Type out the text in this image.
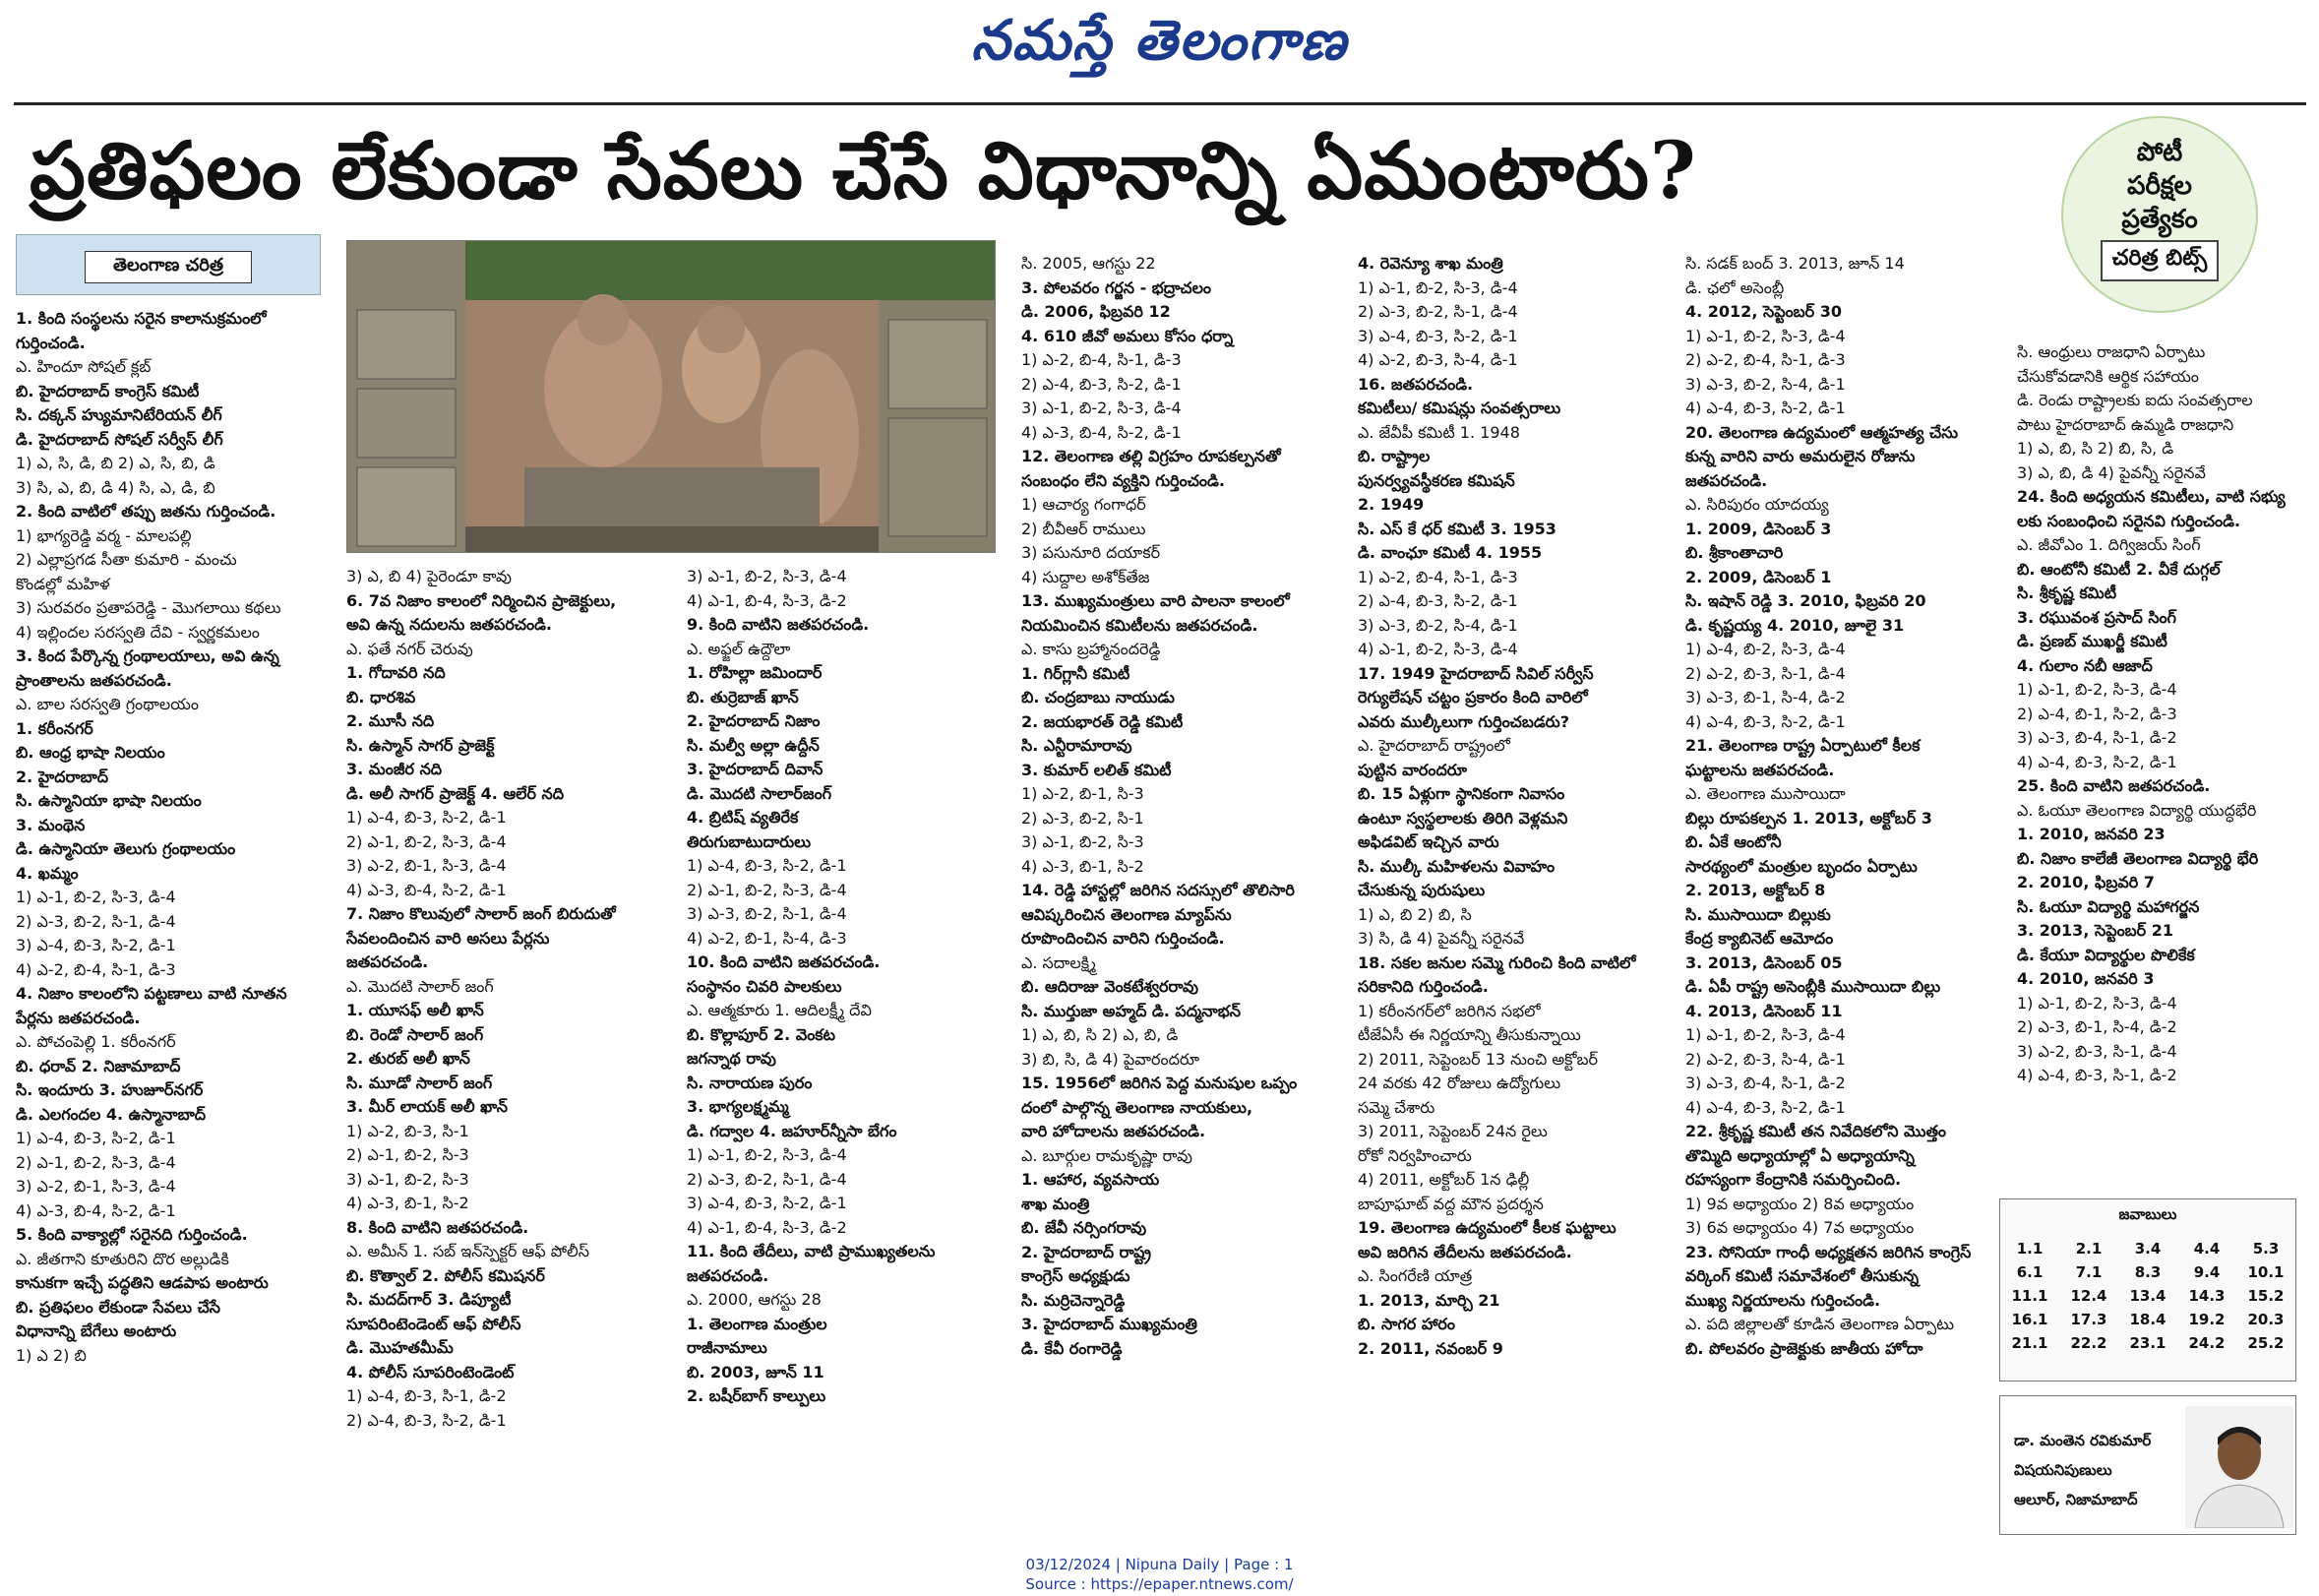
నమస్తే తెలంగాణ
ప్రతిఫలం లేకుండా సేవలు చేసే విధానాన్ని ఏమంటారు?	పోటీ
పరీక్షల
ప్రత్యేకం
చరిత్ర బిట్స్
తెలంగాణ చరిత్ర
1. కింది సంస్థలను సరైన కాలానుక్రమంలో
గుర్తించండి.
ఎ. హిందూ సోషల్ క్లబ్
బి. హైదరాబాద్ కాంగ్రెస్ కమిటీ
సి. దక్కన్ హ్యుమానిటేరియన్ లీగ్
డి. హైదరాబాద్ సోషల్ సర్వీస్ లీగ్
1) ఎ, సి, డి, బి 2) ఎ, సి, బి, డి
3) సి, ఎ, బి, డి 4) సి, ఎ, డి, బి
2. కింది వాటిలో తప్పు జతను గుర్తించండి.
1) భాగ్యరెడ్డి వర్మ - మాలపల్లి
2) ఎల్లాప్రగడ సీతా కుమారి - మంచు
కొండల్లో మహిళ
3) సురవరం ప్రతాపరెడ్డి - మొగలాయి కథలు
4) ఇల్లిందల సరస్వతి దేవి - స్వర్ణకమలం
3. కింద పేర్కొన్న గ్రంథాలయాలు, అవి ఉన్న
ప్రాంతాలను జతపరచండి.
ఎ. బాల సరస్వతి గ్రంథాలయం
1. కరీంనగర్
బి. ఆంధ్ర భాషా నిలయం
2. హైదరాబాద్
సి. ఉస్మానియా భాషా నిలయం
3. మంథెన
డి. ఉస్మానియా తెలుగు గ్రంథాలయం
4. ఖమ్మం
1) ఎ-1, బి-2, సి-3, డి-4
2) ఎ-3, బి-2, సి-1, డి-4
3) ఎ-4, బి-3, సి-2, డి-1
4) ఎ-2, బి-4, సి-1, డి-3
4. నిజాం కాలంలోని పట్టణాలు వాటి నూతన
పేర్లను జతపరచండి.
ఎ. పోచంపెల్లి 1. కరీంనగర్
బి. ధరావ్ 2. నిజామాబాద్
సి. ఇందూరు 3. హుజూర్‌నగర్
డి. ఎలగందల 4. ఉస్మానాబాద్
1) ఎ-4, బి-3, సి-2, డి-1
2) ఎ-1, బి-2, సి-3, డి-4
3) ఎ-2, బి-1, సి-3, డి-4
4) ఎ-3, బి-4, సి-2, డి-1
5. కింది వాక్యాల్లో సరైనది గుర్తించండి.
ఎ. జీతగాని కూతురిని దొర అల్లుడికి
కానుకగా ఇచ్చే పద్ధతిని ఆడపాప అంటారు
బి. ప్రతిఫలం లేకుండా సేవలు చేసే
విధానాన్ని బేగేలు అంటారు
1) ఎ 2) బి
3) ఎ, బి 4) పైరెండూ కావు
6. 7వ నిజాం కాలంలో నిర్మించిన ప్రాజెక్టులు,
అవి ఉన్న నదులను జతపరచండి.
ఎ. ఫతే నగర్ చెరువు
1. గోదావరి నది
బి. ధారశివ
2. మూసీ నది
సి. ఉస్మాన్ సాగర్ ప్రాజెక్ట్
3. మంజీర నది
డి. అలీ సాగర్ ప్రాజెక్ట్ 4. ఆలేర్ నది
1) ఎ-4, బి-3, సి-2, డి-1
2) ఎ-1, బి-2, సి-3, డి-4
3) ఎ-2, బి-1, సి-3, డి-4
4) ఎ-3, బి-4, సి-2, డి-1
7. నిజాం కొలువులో సాలార్ జంగ్ బిరుదుతో
సేవలందించిన వారి అసలు పేర్లను
జతపరచండి.
ఎ. మొదటి సాలార్ జంగ్
1. యూసఫ్ అలీ ఖాన్
బి. రెండో సాలార్ జంగ్
2. తురబ్ అలీ ఖాన్
సి. మూడో సాలార్ జంగ్
3. మీర్ లాయక్ అలీ ఖాన్
1) ఎ-2, బి-3, సి-1
2) ఎ-1, బి-2, సి-3
3) ఎ-1, బి-2, సి-3
4) ఎ-3, బి-1, సి-2
8. కింది వాటిని జతపరచండి.
ఎ. అమీన్ 1. సబ్ ఇన్‌స్పెక్టర్ ఆఫ్ పోలీస్
బి. కొత్వాల్ 2. పోలీస్ కమిషనర్
సి. మదద్‌గార్ 3. డిప్యూటీ
సూపరింటెండెంట్ ఆఫ్ పోలీస్
డి. మొహతమీమ్
4. పోలీస్ సూపరింటెండెంట్
1) ఎ-4, బి-3, సి-1, డి-2
2) ఎ-4, బి-3, సి-2, డి-1
3) ఎ-1, బి-2, సి-3, డి-4
4) ఎ-1, బి-4, సి-3, డి-2
9. కింది వాటిని జతపరచండి.
ఎ. అఫ్జల్ ఉద్దౌలా
1. రోహిల్లా జమిందార్
బి. తుర్రెబాజ్ ఖాన్
2. హైదరాబాద్ నిజాం
సి. మల్వీ అల్లా ఉద్దీన్
3. హైదరాబాద్ దివాన్
డి. మొదటి సాలార్‌జంగ్
4. బ్రిటిష్ వ్యతిరేక
తిరుగుబాటుదారులు
1) ఎ-4, బి-3, సి-2, డి-1
2) ఎ-1, బి-2, సి-3, డి-4
3) ఎ-3, బి-2, సి-1, డి-4
4) ఎ-2, బి-1, సి-4, డి-3
10. కింది వాటిని జతపరచండి.
సంస్థానం చివరి పాలకులు
ఎ. ఆత్మకూరు 1. ఆదిలక్ష్మీ దేవి
బి. కొల్లాపూర్ 2. వెంకట
జగన్నాథ రావు
సి. నారాయణ పురం
3. భాగ్యలక్ష్మమ్మ
డి. గద్వాల 4. జహూర్‌న్నీసా బేగం
1) ఎ-1, బి-2, సి-3, డి-4
2) ఎ-3, బి-2, సి-1, డి-4
3) ఎ-4, బి-3, సి-2, డి-1
4) ఎ-1, బి-4, సి-3, డి-2
11. కింది తేదీలు, వాటి ప్రాముఖ్యతలను
జతపరచండి.
ఎ. 2000, ఆగస్టు 28
1. తెలంగాణ మంత్రుల
రాజీనామాలు
బి. 2003, జూన్ 11
2. బషీర్‌బాగ్ కాల్పులు
సి. 2005, ఆగస్టు 22
3. పోలవరం గర్జన - భద్రాచలం
డి. 2006, ఫిబ్రవరి 12
4. 610 జీవో అమలు కోసం ధర్నా
1) ఎ-2, బి-4, సి-1, డి-3
2) ఎ-4, బి-3, సి-2, డి-1
3) ఎ-1, బి-2, సి-3, డి-4
4) ఎ-3, బి-4, సి-2, డి-1
12. తెలంగాణ తల్లి విగ్రహం రూపకల్పనతో
సంబంధం లేని వ్యక్తిని గుర్తించండి.
1) ఆచార్య గంగాధర్
2) బీవీఆర్ రాములు
3) పసునూరి దయాకర్
4) సుద్దాల అశోక్‌తేజ
13. ముఖ్యమంత్రులు వారి పాలనా కాలంలో
నియమించిన కమిటీలను జతపరచండి.
ఎ. కాసు బ్రహ్మానందరెడ్డి
1. గిర్‌గ్లానీ కమిటీ
బి. చంద్రబాబు నాయుడు
2. జయభారత్ రెడ్డి కమిటీ
సి. ఎన్టీరామారావు
3. కుమార్ లలిత్ కమిటీ
1) ఎ-2, బి-1, సి-3
2) ఎ-3, బి-2, సి-1
3) ఎ-1, బి-2, సి-3
4) ఎ-3, బి-1, సి-2
14. రెడ్డి హాస్టల్లో జరిగిన సదస్సులో తొలిసారి
ఆవిష్కరించిన తెలంగాణ మ్యాప్‌ను
రూపొందించిన వారిని గుర్తించండి.
ఎ. సదాలక్ష్మి
బి. ఆదిరాజు వెంకటేశ్వరరావు
సి. ముర్తుజా అహ్మద్ డి. పద్మనాభన్
1) ఎ, బి, సి 2) ఎ, బి, డి
3) బి, సి, డి 4) పైవారందరూ
15. 1956లో జరిగిన పెద్ద మనుషుల ఒప్పం
దంలో పాల్గొన్న తెలంగాణ నాయకులు,
వారి హోదాలను జతపరచండి.
ఎ. బూర్గుల రామకృష్ణా రావు
1. ఆహార, వ్యవసాయ
శాఖ మంత్రి
బి. జేవీ నర్సింగరావు
2. హైదరాబాద్ రాష్ట్ర
కాంగ్రెస్ అధ్యక్షుడు
సి. మర్రిచెన్నారెడ్డి
3. హైదరాబాద్ ముఖ్యమంత్రి
డి. కేవీ రంగారెడ్డి
4. రెవెన్యూ శాఖ మంత్రి
1) ఎ-1, బి-2, సి-3, డి-4
2) ఎ-3, బి-2, సి-1, డి-4
3) ఎ-4, బి-3, సి-2, డి-1
4) ఎ-2, బి-3, సి-4, డి-1
16. జతపరచండి.
కమిటీలు/ కమిషన్లు సంవత్సరాలు
ఎ. జేవీపీ కమిటీ 1. 1948
బి. రాష్ట్రాల
పునర్వ్యవస్థీకరణ కమిషన్
2. 1949
సి. ఎస్ కే ధర్ కమిటీ 3. 1953
డి. వాంఛూ కమిటీ 4. 1955
1) ఎ-2, బి-4, సి-1, డి-3
2) ఎ-4, బి-3, సి-2, డి-1
3) ఎ-3, బి-2, సి-4, డి-1
4) ఎ-1, బి-2, సి-3, డి-4
17. 1949 హైదరాబాద్ సివిల్ సర్వీస్
రెగ్యులేషన్ చట్టం ప్రకారం కింది వారిలో
ఎవరు ముల్కీలుగా గుర్తించబడరు?
ఎ. హైదరాబాద్ రాష్ట్రంలో
పుట్టిన వారందరూ
బి. 15 ఏళ్లుగా స్థానికంగా నివాసం
ఉంటూ స్వస్థలాలకు తిరిగి వెళ్లమని
అఫిడవిట్ ఇచ్చిన వారు
సి. ముల్కీ మహిళలను వివాహం
చేసుకున్న పురుషులు
1) ఎ, బి 2) బి, సి
3) సి, డి 4) పైవన్నీ సరైనవే
18. సకల జనుల సమ్మె గురించి కింది వాటిలో
సరికానిది గుర్తించండి.
1) కరీంనగర్‌లో జరిగిన సభలో
టీజేఏసీ ఈ నిర్ణయాన్ని తీసుకున్నాయి
2) 2011, సెప్టెంబర్ 13 నుంచి అక్టోబర్
24 వరకు 42 రోజులు ఉద్యోగులు
సమ్మె చేశారు
3) 2011, సెప్టెంబర్ 24న రైలు
రోకో నిర్వహించారు
4) 2011, అక్టోబర్ 1న ఢిల్లీ
బాపూఘాట్ వద్ద మౌన ప్రదర్శన
19. తెలంగాణ ఉద్యమంలో కీలక ఘట్టాలు
అవి జరిగిన తేదీలను జతపరచండి.
ఎ. సింగరేణి యాత్ర
1. 2013, మార్చి 21
బి. సాగర హారం
2. 2011, నవంబర్ 9
సి. సడక్ బంద్ 3. 2013, జూన్ 14
డి. ఛలో అసెంబ్లీ
4. 2012, సెప్టెంబర్ 30
1) ఎ-1, బి-2, సి-3, డి-4
2) ఎ-2, బి-4, సి-1, డి-3
3) ఎ-3, బి-2, సి-4, డి-1
4) ఎ-4, బి-3, సి-2, డి-1
20. తెలంగాణ ఉద్యమంలో ఆత్మహత్య చేసు
కున్న వారిని వారు అమరులైన రోజును
జతపరచండి.
ఎ. సిరిపురం యాదయ్య
1. 2009, డిసెంబర్ 3
బి. శ్రీకాంతాచారి
2. 2009, డిసెంబర్ 1
సి. ఇషాన్ రెడ్డి 3. 2010, ఫిబ్రవరి 20
డి. కృష్ణయ్య 4. 2010, జూలై 31
1) ఎ-4, బి-2, సి-3, డి-4
2) ఎ-2, బి-3, సి-1, డి-4
3) ఎ-3, బి-1, సి-4, డి-2
4) ఎ-4, బి-3, సి-2, డి-1
21. తెలంగాణ రాష్ట్ర ఏర్పాటులో కీలక
ఘట్టాలను జతపరచండి.
ఎ. తెలంగాణ ముసాయిదా
బిల్లు రూపకల్పన 1. 2013, అక్టోబర్ 3
బి. ఏకే ఆంటోనీ
సారథ్యంలో మంత్రుల బృందం ఏర్పాటు
2. 2013, అక్టోబర్ 8
సి. ముసాయిదా బిల్లుకు
కేంద్ర క్యాబినెట్ ఆమోదం
3. 2013, డిసెంబర్ 05
డి. ఏపీ రాష్ట్ర అసెంబ్లీకి ముసాయిదా బిల్లు
4. 2013, డిసెంబర్ 11
1) ఎ-1, బి-2, సి-3, డి-4
2) ఎ-2, బి-3, సి-4, డి-1
3) ఎ-3, బి-4, సి-1, డి-2
4) ఎ-4, బి-3, సి-2, డి-1
22. శ్రీకృష్ణ కమిటీ తన నివేదికలోని మొత్తం
తొమ్మిది అధ్యాయాల్లో ఏ అధ్యాయాన్ని
రహస్యంగా కేంద్రానికి సమర్పించింది.
1) 9వ అధ్యాయం 2) 8వ అధ్యాయం
3) 6వ అధ్యాయం 4) 7వ అధ్యాయం
23. సోనియా గాంధీ అధ్యక్షతన జరిగిన కాంగ్రెస్
వర్కింగ్ కమిటీ సమావేశంలో తీసుకున్న
ముఖ్య నిర్ణయాలను గుర్తించండి.
ఎ. పది జిల్లాలతో కూడిన తెలంగాణ ఏర్పాటు
బి. పోలవరం ప్రాజెక్టుకు జాతీయ హోదా
సి. ఆంధ్రులు రాజధాని ఏర్పాటు
చేసుకోవడానికి ఆర్థిక సహాయం
డి. రెండు రాష్ట్రాలకు ఐదు సంవత్సరాల
పాటు హైదరాబాద్ ఉమ్మడి రాజధాని
1) ఎ, బి, సి 2) బి, సి, డి
3) ఎ, బి, డి 4) పైవన్నీ సరైనవే
24. కింది అధ్యయన కమిటీలు, వాటి సభ్యు
లకు సంబంధించి సరైనవి గుర్తించండి.
ఎ. జీవోఎం 1. దిగ్విజయ్ సింగ్
బి. ఆంటోనీ కమిటీ 2. వీకే దుగ్గల్
సి. శ్రీకృష్ణ కమిటీ
3. రఘువంశ ప్రసాద్ సింగ్
డి. ప్రణబ్ ముఖర్జీ కమిటీ
4. గులాం నబీ ఆజాద్
1) ఎ-1, బి-2, సి-3, డి-4
2) ఎ-4, బి-1, సి-2, డి-3
3) ఎ-3, బి-4, సి-1, డి-2
4) ఎ-4, బి-3, సి-2, డి-1
25. కింది వాటిని జతపరచండి.
ఎ. ఓయూ తెలంగాణ విద్యార్థి యుద్ధభేరి
1. 2010, జనవరి 23
బి. నిజాం కాలేజీ తెలంగాణ విద్యార్థి భేరి
2. 2010, ఫిబ్రవరి 7
సి. ఓయూ విద్యార్థి మహాగర్జన
3. 2013, సెప్టెంబర్ 21
డి. కేయూ విద్యార్థుల పొలికేక
4. 2010, జనవరి 3
1) ఎ-1, బి-2, సి-3, డి-4
2) ఎ-3, బి-1, సి-4, డి-2
3) ఎ-2, బి-3, సి-1, డి-4
4) ఎ-4, బి-3, సి-1, డి-2
జవాబులు
1.1	2.1	3.4	4.4	5.3
6.1	7.1	8.3	9.4	10.1
11.1	12.4	13.4	14.3	15.2
16.1	17.3	18.4	19.2	20.3
21.1	22.2	23.1	24.2	25.2
డా. మంతెన రవికుమార్
విషయనిపుణులు
ఆలూర్, నిజామాబాద్
03/12/2024 | Nipuna Daily | Page : 1
Source : https://epaper.ntnews.com/
